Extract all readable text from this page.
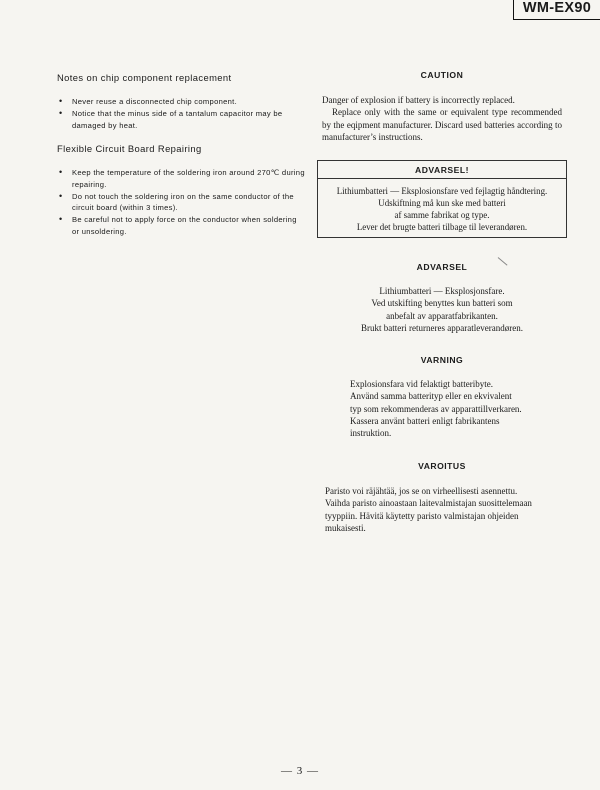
WM-EX90
Notes on chip component replacement
• Never reuse a disconnected chip component.
• Notice that the minus side of a tantalum capacitor may be damaged by heat.
Flexible Circuit Board Repairing
• Keep the temperature of the soldering iron around 270℃ during repairing.
• Do not touch the soldering iron on the same conductor of the circuit board (within 3 times).
• Be careful not to apply force on the conductor when soldering or unsoldering.
CAUTION
Danger of explosion if battery is incorrectly replaced.
Replace only with the same or equivalent type recommended by the eqipment manufacturer. Discard used batteries according to manufacturer’s instructions.
ADVARSEL!
Lithiumbatteri — Eksplosionsfare ved fejlagtig håndtering.
Udskiftning må kun ske med batteri
af samme fabrikat og type.
Lever det brugte batteri tilbage til leverandøren.
ADVARSEL
Lithiumbatteri — Eksplosjonsfare.
Ved utskifting benyttes kun batteri som
anbefalt av apparatfabrikanten.
Brukt batteri returneres apparatleverandøren.
VARNING
Explosionsfara vid felaktigt batteribyte.
Använd samma batterityp eller en ekvivalent
typ som rekommenderas av apparattillverkaren.
Kassera använt batteri enligt fabrikantens
instruktion.
VAROITUS
Paristo voi räjähtää, jos se on virheellisesti asennettu.
Vaihda paristo ainoastaan laitevalmistajan suosittelemaan
tyyppiin. Hävitä käytetty paristo valmistajan ohjeiden
mukaisesti.
— 3 —
